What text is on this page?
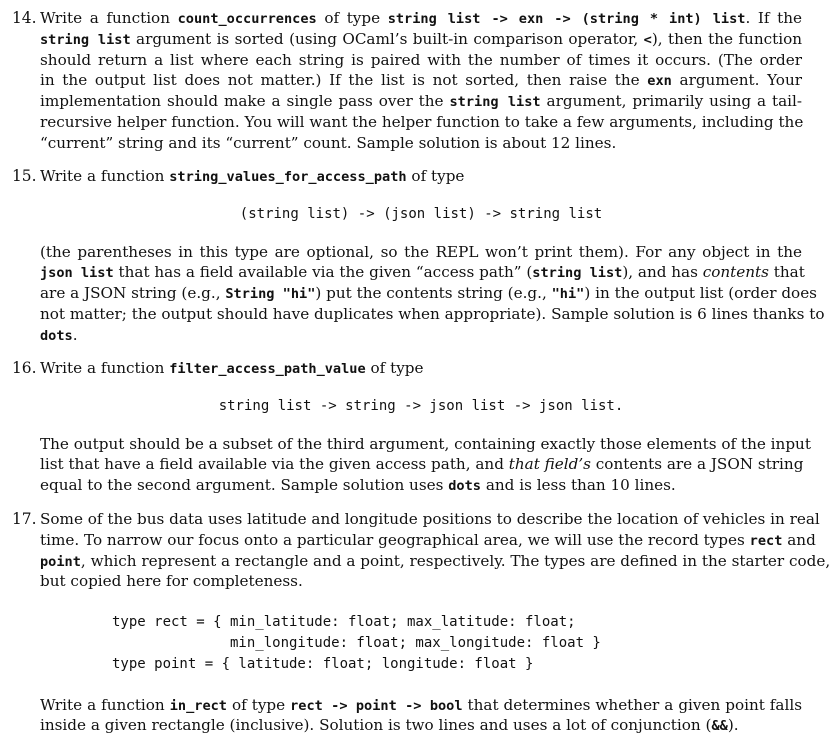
14. Write a function count_occurrences of type string list -> exn -> (string * int) list. If the
string list argument is sorted (using OCaml’s built-in comparison operator, <), then the function
should return a list where each string is paired with the number of times it occurs. (The order
in the output list does not matter.) If the list is not sorted, then raise the exn argument. Your
implementation should make a single pass over the string list argument, primarily using a tail-
recursive helper function. You will want the helper function to take a few arguments, including the
“current” string and its “current” count. Sample solution is about 12 lines.
15. Write a function string_values_for_access_path of type
(string list) -> (json list) -> string list
(the parentheses in this type are optional, so the REPL won’t print them). For any object in the
json list that has a field available via the given “access path” (string list), and has contents that
are a JSON string (e.g., String "hi") put the contents string (e.g., "hi") in the output list (order does
not matter; the output should have duplicates when appropriate). Sample solution is 6 lines thanks to
dots.
16. Write a function filter_access_path_value of type
string list -> string -> json list -> json list.
The output should be a subset of the third argument, containing exactly those elements of the input
list that have a field available via the given access path, and that field’s contents are a JSON string
equal to the second argument. Sample solution uses dots and is less than 10 lines.
17. Some of the bus data uses latitude and longitude positions to describe the location of vehicles in real
time. To narrow our focus onto a particular geographical area, we will use the record types rect and
point, which represent a rectangle and a point, respectively. The types are defined in the starter code,
but copied here for completeness.
type rect = { min_latitude: float; max_latitude: float;
min_longitude: float; max_longitude: float }
type point = { latitude: float; longitude: float }
Write a function in_rect of type rect -> point -> bool that determines whether a given point falls
inside a given rectangle (inclusive). Solution is two lines and uses a lot of conjunction (&&).
